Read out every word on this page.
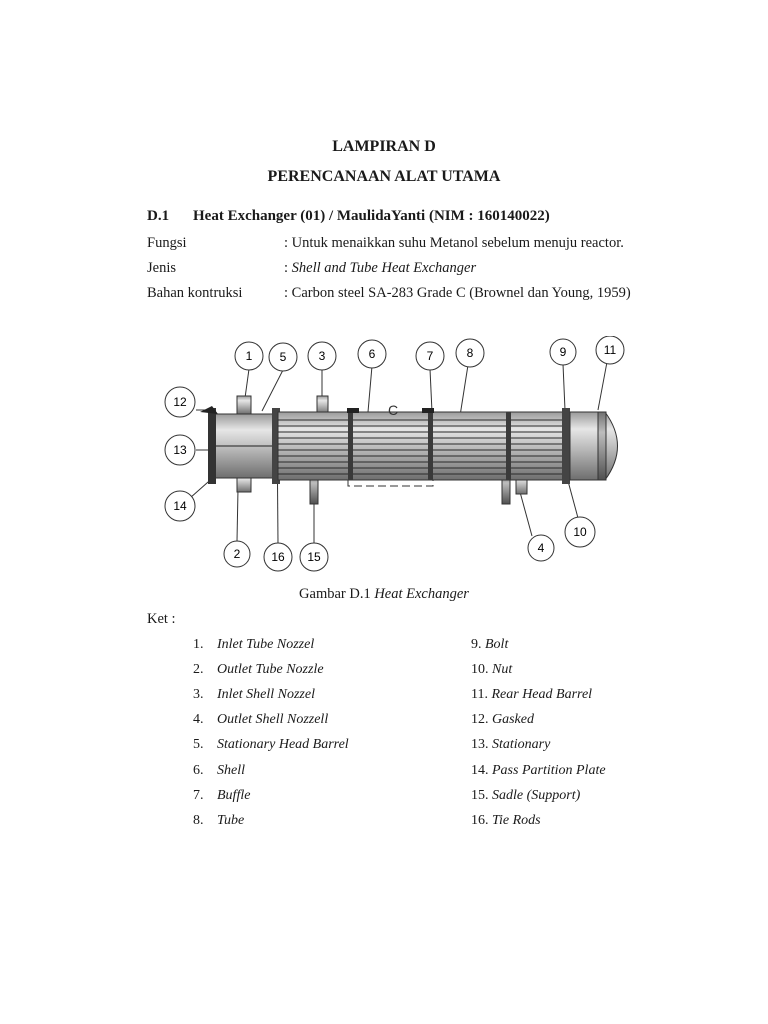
LAMPIRAN D
PERENCANAAN ALAT UTAMA
D.1 Heat Exchanger (01) / MaulidaYanti (NIM : 160140022)
Fungsi	: Untuk menaikkan suhu Metanol sebelum menuju reactor.
Jenis	: Shell and Tube Heat Exchanger
Bahan kontruksi	: Carbon steel SA-283 Grade C (Brownel dan Young, 1959)
C
1 5	3	6	7	8	9	11
12
13
14
2	16 15
4
10
Gambar D.1 Heat Exchanger
Ket :
1. Inlet Tube Nozzel
2. Outlet Tube Nozzle
3. Inlet Shell Nozzel
4. Outlet Shell Nozzell
5. Stationary Head Barrel
6. Shell
7. Buffle
8. Tube
9. Bolt
10. Nut
11. Rear Head Barrel
12. Gasked
13. Stationary
14. Pass Partition Plate
15. Sadle (Support)
16. Tie Rods
